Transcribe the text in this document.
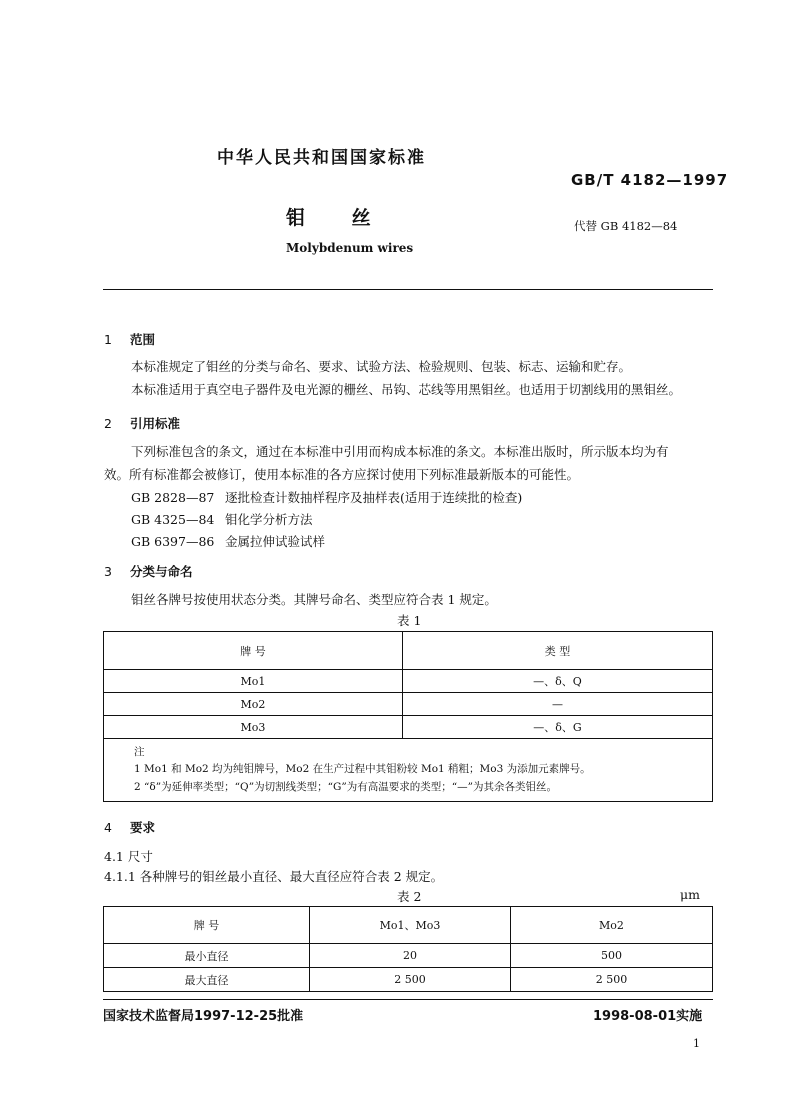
中华人民共和国国家标准
GB/T 4182—1997
钼 丝	代替 GB 4182—84
Molybdenum wires
1 范围
本标准规定了钼丝的分类与命名、要求、试验方法、检验规则、包装、标志、运输和贮存。
本标准适用于真空电子器件及电光源的栅丝、吊钩、芯线等用黑钼丝。也适用于切割线用的黑钼丝。
2 引用标准
下列标准包含的条文，通过在本标准中引用而构成本标准的条文。本标准出版时，所示版本均为有
效。所有标准都会被修订，使用本标准的各方应探讨使用下列标准最新版本的可能性。
GB 2828—87 逐批检查计数抽样程序及抽样表(适用于连续批的检查)
GB 4325—84 钼化学分析方法
GB 6397—86 金属拉伸试验试样
3 分类与命名
钼丝各牌号按使用状态分类。其牌号命名、类型应符合表 1 规定。
表 1
牌 号	类 型
Mo1	—、δ、Q
Mo2	—
Mo3	—、δ、G

注
1 Mo1 和 Mo2 均为纯钼牌号，Mo2 在生产过程中其钼粉较 Mo1 稍粗；Mo3 为添加元素牌号。
2 “δ”为延伸率类型；“Q”为切割线类型；“G”为有高温要求的类型；“—”为其余各类钼丝。	
4 要求
4.1 尺寸
4.1.1 各种牌号的钼丝最小直径、最大直径应符合表 2 规定。
表 2	μm
牌 号	Mo1、Mo3	Mo2
最小直径	20	500
最大直径	2 500	2 500
国家技术监督局1997-12-25批准	1998-08-01实施
1
